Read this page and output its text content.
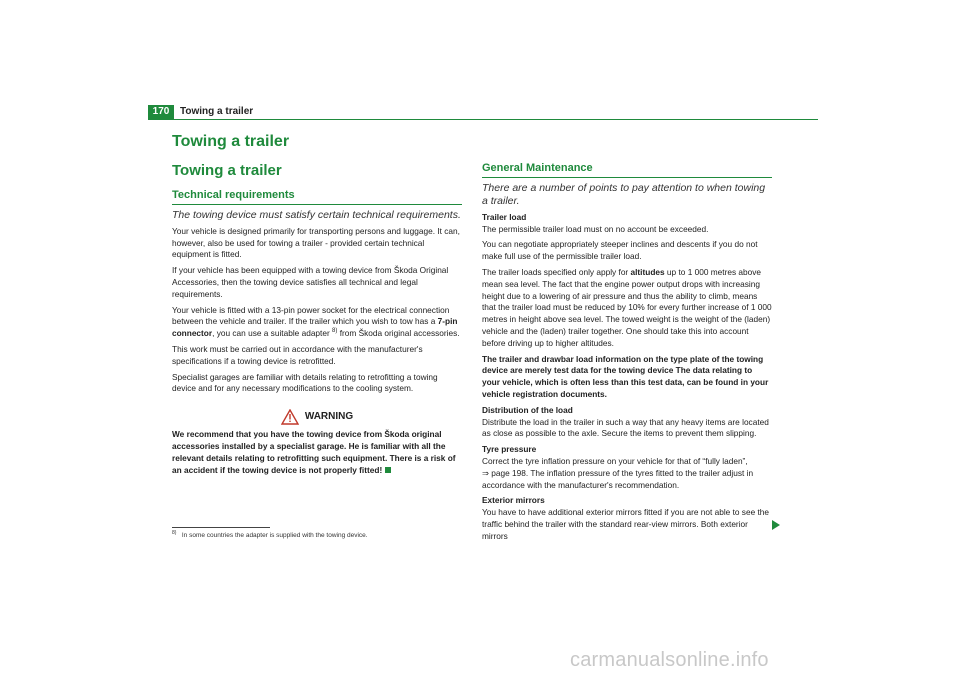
170	Towing a trailer
Towing a trailer
Towing a trailer
Technical requirements

The towing device must satisfy certain technical requirements.

Your vehicle is designed primarily for transporting persons and luggage. It can, however, also be used for towing a trailer - provided certain technical equipment is fitted.

If your vehicle has been equipped with a towing device from Škoda Original Accessories, then the towing device satisfies all technical and legal requirements.

Your vehicle is fitted with a 13-pin power socket for the electrical connection between the vehicle and trailer. If the trailer which you wish to tow has a 7-pin connector, you can use a suitable adapter $^{8)}$ from Škoda original accessories.

This work must be carried out in accordance with the manufacturer's specifications if a towing device is retrofitted.

Specialist garages are familiar with details relating to retrofitting a towing device and for any necessary modifications to the cooling system.

WARNING

We recommend that you have the towing device from Škoda original accessories installed by a specialist garage. He is familiar with all the relevant details relating to retrofitting such equipment. There is a risk of an accident if the towing device is not properly fitted!

General Maintenance

There are a number of points to pay attention to when towing a trailer.

Trailer load

The permissible trailer load must on no account be exceeded.

You can negotiate appropriately steeper inclines and descents if you do not make full use of the permissible trailer load.

The trailer loads specified only apply for altitudes up to 1 000 metres above mean sea level. The fact that the engine power output drops with increasing height due to a lowering of air pressure and thus the ability to climb, means that the trailer load must be reduced by 10% for every further increase of 1 000 metres in height above sea level. The towed weight is the weight of the (laden) vehicle and the (laden) trailer together. One should take this into account before driving up to higher altitudes.

The trailer and drawbar load information on the type plate of the towing device are merely test data for the towing device The data relating to your vehicle, which is often less than this test data, can be found in your vehicle registration documents.

Distribution of the load

Distribute the load in the trailer in such a way that any heavy items are located as close as possible to the axle. Secure the items to prevent them slipping.

Tyre pressure

Correct the tyre inflation pressure on your vehicle for that of “fully laden”,
⇒ page 198. The inflation pressure of the tyres fitted to the trailer adjust in accordance with the manufacturer's recommendation.

Exterior mirrors

You have to have additional exterior mirrors fitted if you are not able to see the traffic behind the trailer with the standard rear-view mirrors. Both exterior mirrors

$^{8)}$ In some countries the adapter is supplied with the towing device.
carmanualsonline.info
